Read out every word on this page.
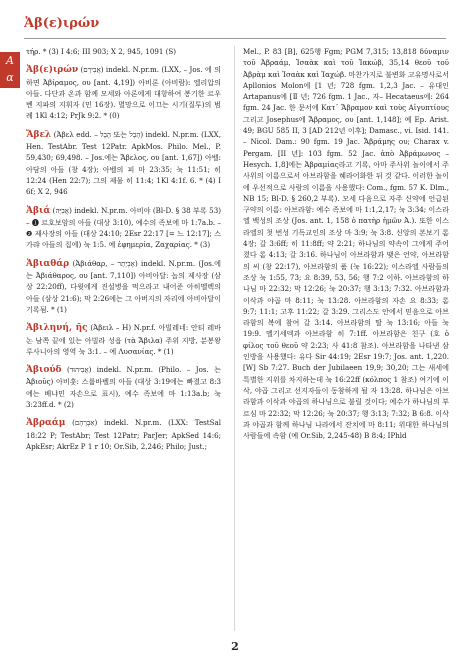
Ἀβ(ε)ιρών
A
α
τήρ. * (3) I 4:6; III 903; X 2, 945, 1091 (S)
Ἀβ(ε)ιρών (אֲבִירָם) indekl. N.pr.m. (LXX, – Jos. 에 의하면 Ἀβίραμος, ου [ant. 4,19]) 아비론 (아비람): 엘리압의 아들. 다단과 온과 함께 모세와 아론에게 대항하여 봉기한 르우벤 지파의 지휘자 (민 16장). 멸망으로 이끄는 시기(질투)의 범례 1Kl 4:12; PrJk 9:2. * (0)
Ἄβελ (Ἀβελ edd. – הֶבֶל 또는 הָבֶל) indekl. N.pr.m. (LXX, Hen. TestAbr. Test 12Patr. ApkMos. Philo. Mel., P. 59,430; 69,498. – Jos.에는 Ἄβελος, ου [ant. 1,67]) 아벨: 아담의 아들 (창 4장); 아벨의 피 마 23:35; 눅 11:51; 히 12:24 (Hen 22:7); 그의 제물 히 11:4; 1Kl 4:1f. 6. * (4) I 6f; X 2, 946
Ἀβιά (אֲבִיָּה) indekl. N.pr.m. 아비야 (Bl-D. § 38 부록 53) – ❶ 르호보암의 아들 (대상 3:10), 예수의 족보에 마 1:7a.b. – ❷ 제사장의 아들 (대상 24:10; 2Esr 22:17 [= 느 12:17]; 스가랴 아들의 집에) 눅 1:5. 예 ἐφημερία, Ζαχαρίας. * (3)
Ἀβιαθάρ (Ἀβιάθαρ, – אֶבְיָתָר) indekl. N.pr.m. (Jos.에는 Ἀβιάθαρος, ου [ant. 7,110]) 아비아달: 놉의 제사장 (삼상 22:20ff), 다윗에게 진설병을 먹으라고 내어준 아히멜렉의 아들 (삼상 21:6); 막 2:26에는 그 아버지의 자리에 아비아달이 기록됨. * (1)
Ἀβιληνή, ῆς (Ἀβειλ – H) N.pr.f. 아빌레네: 안티 레바논 남쪽 끝에 있는 아빌라 성읍 (τὰ Ἄβιλα) 주위 지방, 분봉왕 루사니아의 영역 눅 3:1. – 예 Λυσανίας. * (1)
Ἀβιούδ (אֲבִיהוּד) indekl. N.pr.m. (Philo. – Jos. 는 Ἀβιοῦς) 아비훗: 스룹바벨의 아들 (대상 3:19에는 빠졌고 8:3에는 베냐민 자손으로 표시), 예수 족보에 마 1:13a.b; 눅 3:23ff.d. * (2)
Ἀβραάμ (אַבְרָהָם) indekl. N.pr.m. (LXX: TestSal 18:22 P; TestAbr; Test 12Patr; ParJer; ApkSed 14:6; ApkEsr; AkrEz P 1 r 10; Or.Sib, 2,246; Philo; Just.;
Mel., P. 83 [B], 625행 Fgm; PGM 7,315; 13,818 δύναμιν τοῦ Ἀβραάμ, Ἰσαὰκ καὶ τοῦ Ἰακώβ, 35,14 θεοῦ τοῦ Ἀβρὰμ καὶ Ἰσαὰκ καὶ Ἰαχώβ. 마찬가지로 불변화 고유명사로서 Apllonios Molon에 [1 년; 728 fgm. 1,2,3 Jac. – 유대인 Artapanus에 [Ⅱ 년; 726 fgm. 1 Jac., 자– Hecataeus에: 264 fgm. 24 Jac. 한 문서에 Κατ᾽ Ἄβραμον καὶ τοὺς Αἰγυπτίους 그리고 Josephus에 Ἄβραμος, ου [ant. 1,148]; 예 Ep. Arist. 49; BGU 585 II, 3 [AD 212년 이후]; Damasc., vi. Isid. 141. – Nicol. Dam.: 90 fgm. 19 Jac. Ἄβράμης ου; Charax v. Pergam. [II 년]: 103 fgm. 52 Jac. ἀπὸ Ἀβράμωνος – Hesych. 1,8]에는 Ἀβραμίας라고 기록, 아마 주사위 놀이에서 주사위의 이름으로서 아브라함을 혜라어화한 뒤 것 같다. 이러한 놀이에 우선적으로 사람의 이름을 사용했다: Com., fgm. 57 K. Dlm., NB 15; Bl-D. § 260,2 부록). 모세 다음으로 자주 신약에 언급된 구약의 이름: 아브라함: 예수 족보에 마 1:1,2,17; 눅 3:34; 이스라엘 백성의 조상 (Jos. ant. 1, 158 ὁ πατὴρ ἡμῶν Ἀ.). 또한 이스라엘의 첫 번성 기독교인의 조상 마 3:9; 눅 3:8. 신앙의 본보기 롬 4장; 갈 3:6ff; 히 11:8ff; 약 2:21; 하나님의 약속이 그에게 주어졌다 롬 4:13; 갈 3:16. 하나님이 아브라함과 맺은 언약, 아브라함의 씨 (창 22:17), 아브라함의 품 (눅 16:22); 이스라엘 사람들의 조상 눅 1:55, 73; 요 8:39, 53, 56; 행 7:2 이하. 아브라함의 하나님 마 22:32; 막 12:26; 눅 20:37; 행 3:13; 7:32. 아브라함과 이삭과 야곱 마 8:11; 눅 13:28. 아브라함의 자손 요 8:33; 롬 9:7; 11:1; 고후 11:22; 갈 3:29. 그리스도 안에서 믿음으로 아브라함의 복에 참여 갈 3:14. 아브라함의 딸 눅 13:16; 아들 눅 19:9. 멜기세덱과 아브라함 히 7:1ff. 아브라함은 친구 (호 ὁ φίλος τοῦ θεοῦ 약 2:23; 사 41:8 참조). 아브라함을 나타낸 삼인방을 사용했다: 유다 Sir 44:19; 2Esr 19:7; Jos. ant. 1,220. [W] Sb 7:27. Buch der Jubilaeen 19,9; 30,20; 그는 새세에 특별한 지위를 차지하는데 눅 16:22ff (κόλπος 1 참조) 여기에 이삭, 야곱 그리고 선지자들이 동참하게 될 자 13:28. 하나님은 아브라함과 이삭과 야곱의 하나님으로 불릴 것이다; 예수가 하나님의 부르심 마 22:32; 막 12:26; 눅 20:37; 행 3:13; 7:32; B 6:8. 이삭과 야곱과 함께 하나님 나라에서 잔치에 마 8:11; 위대한 하나님의 사람들에 속함 (예 Or.Sib, 2,245-48) B 8:4; IPhld
2
